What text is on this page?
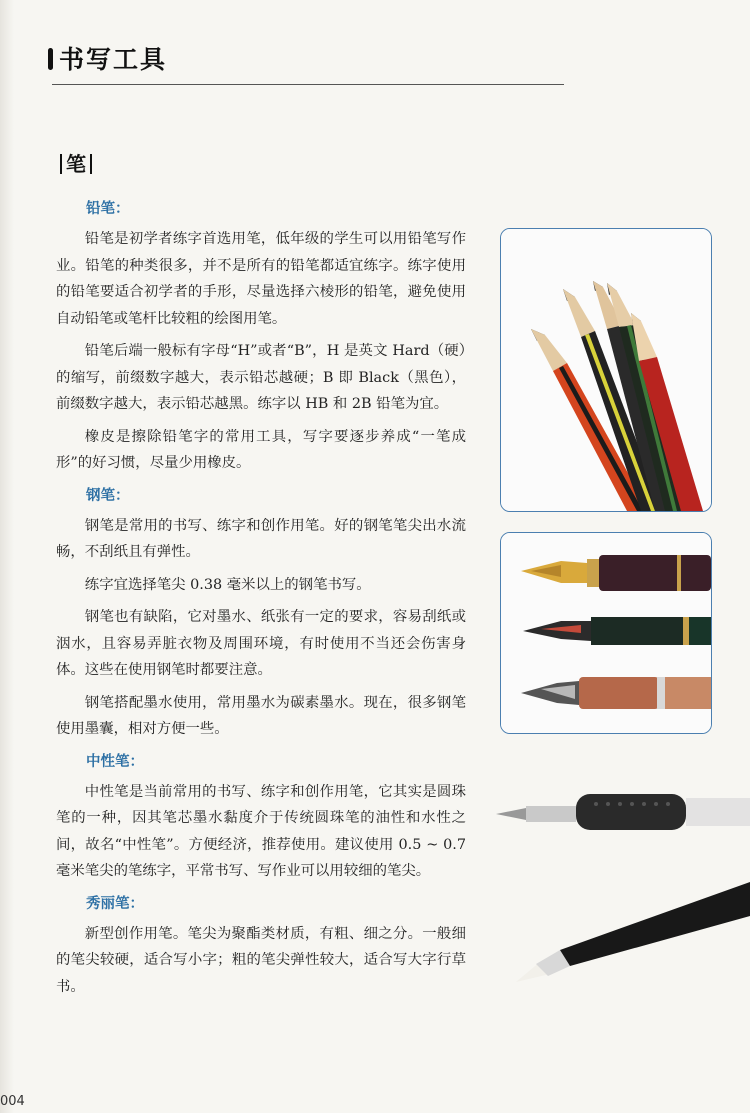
书写工具
笔
铅笔：

铅笔是初学者练字首选用笔，低年级的学生可以用铅笔写作业。铅笔的种类很多，并不是所有的铅笔都适宜练字。练字使用的铅笔要适合初学者的手形，尽量选择六棱形的铅笔，避免使用自动铅笔或笔杆比较粗的绘图用笔。

铅笔后端一般标有字母“H”或者“B”，H 是英文 Hard（硬）的缩写，前缀数字越大，表示铅芯越硬；B 即 Black（黑色），前缀数字越大，表示铅芯越黑。练字以 HB 和 2B 铅笔为宜。

橡皮是擦除铅笔字的常用工具，写字要逐步养成“一笔成形”的好习惯，尽量少用橡皮。

钢笔：

钢笔是常用的书写、练字和创作用笔。好的钢笔笔尖出水流畅，不刮纸且有弹性。

练字宜选择笔尖 0.38 毫米以上的钢笔书写。

钢笔也有缺陷，它对墨水、纸张有一定的要求，容易刮纸或洇水，且容易弄脏衣物及周围环境，有时使用不当还会伤害身体。这些在使用钢笔时都要注意。

钢笔搭配墨水使用，常用墨水为碳素墨水。现在，很多钢笔使用墨囊，相对方便一些。

中性笔：

中性笔是当前常用的书写、练字和创作用笔，它其实是圆珠笔的一种，因其笔芯墨水黏度介于传统圆珠笔的油性和水性之间，故名“中性笔”。方便经济，推荐使用。建议使用 0.5 ~ 0.7 毫米笔尖的笔练字，平常书写、写作业可以用较细的笔尖。

秀丽笔：

新型创作用笔。笔尖为聚酯类材质，有粗、细之分。一般细的笔尖较硬，适合写小字；粗的笔尖弹性较大，适合写大字行草书。

004
